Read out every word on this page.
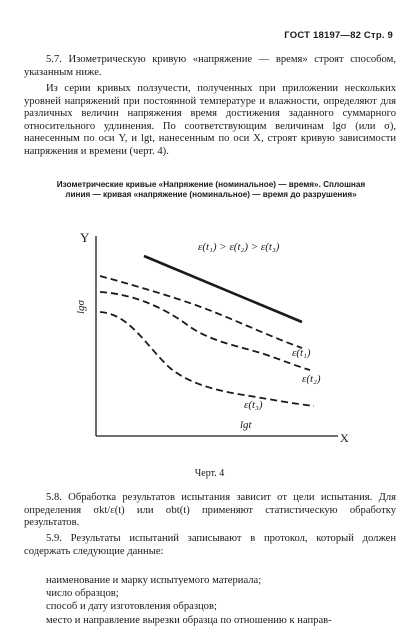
ГОСТ 18197—82 Стр. 9

5.7. Изометрическую кривую «напряжение — время» строят способом, указанным ниже.

Из серии кривых ползучести, полученных при приложении нескольких уровней напряжений при постоянной температуре и влажности, определяют для различных величин напряжения время достижения заданного суммарного относительного удлинения. По соответствующим величинам lgσ (или σ), нанесенным по оси Y, и lgt, нанесенным по оси X, строят кривую зависимости напряжения и времени (черт. 4).

Изометрические кривые «Напряжение (номинальное) — время». Сплошная линия — кривая «напряжение (номинальное) — время до разрушения»
Y
X
lgσ
lgt
ε(t₁) > ε(t₂) > ε(t₃)
ε(t₁)
ε(t₂)
ε(t₃)
Черт. 4

5.8. Обработка результатов испытания зависит от цели испытания. Для определения σkt/ε(t) или σbt(t) применяют статистическую обработку результатов.

5.9. Результаты испытаний записывают в протокол, который должен содержать следующие данные:

наименование и марку испытуемого материала;
число образцов;
способ и дату изготовления образцов;
место и направление вырезки образца по отношению к направ-
